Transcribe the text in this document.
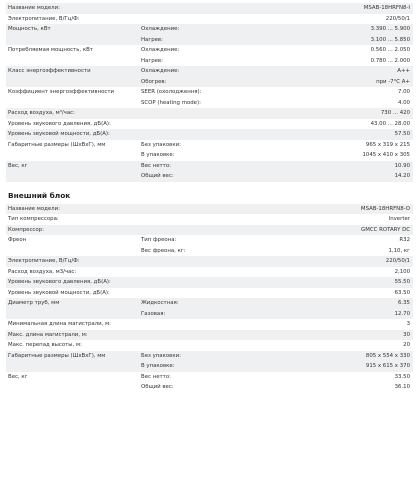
Название модели:	MSAB-18HRFN8-I
Электропитание, В/Гц/Ф:	220/50/1
Мощность, кВт	Охлаждение:	3.390 ... 5.900
Нагрев:	3.100 ... 5.850
Потребляемая мощность, кВт	Охлаждение:	0.560 ... 2.050
Нагрев:	0.780 ... 2.000
Класс энергоэффективности	Охлаждение:	A++
Обогрев:	при -7°С А+
Коэффициент энергоэффективности	SEER (охолодження):	7.00
SCOP (heating mode):	4.00
Расход воздуха, м³/час:	730 ... 420
Уровень звукового давления, дБ(А):	43.00 ... 28.00
Уровень звуковой мощности, дБ(А):	57.50
Габаритные размеры (ШхВхГ), мм	Без упаковки:	965 х 319 х 215
В упаковке:	1045 х 410 х 305
Вес, кг	Вес нетто:	10.90
Общий вес:	14.20
Внешний блок
Название модели:	MSAB-18HRFN8-O
Тип компрессора:	Inverter
Компрессор:	GMCC ROTARY DC
Фреон	Тип фреона:	R32
Вес фреона, кг:	1,10, кг
Электропитание, В/Гц/Ф:	220/50/1
Расход воздуха, м3/час:	2,100
Уровень звукового давления, дБ(А):	55.50
Уровень звуковой мощности, дБ(А):	63.50
Диаметр труб, мм	Жидкостная:	6.35
Газовая:	12.70
Минимальная длина магистрали, м:	3
Макс. длина магистрали, м:	30
Макс. перепад высоты, м:	20
Габаритные размеры (ШхВхГ), мм	Без упаковки:	805 х 554 х 330
В упаковке:	915 х 615 х 370
Вес, кг	Вес нетто:	33.50
Общий вес:	36.10
